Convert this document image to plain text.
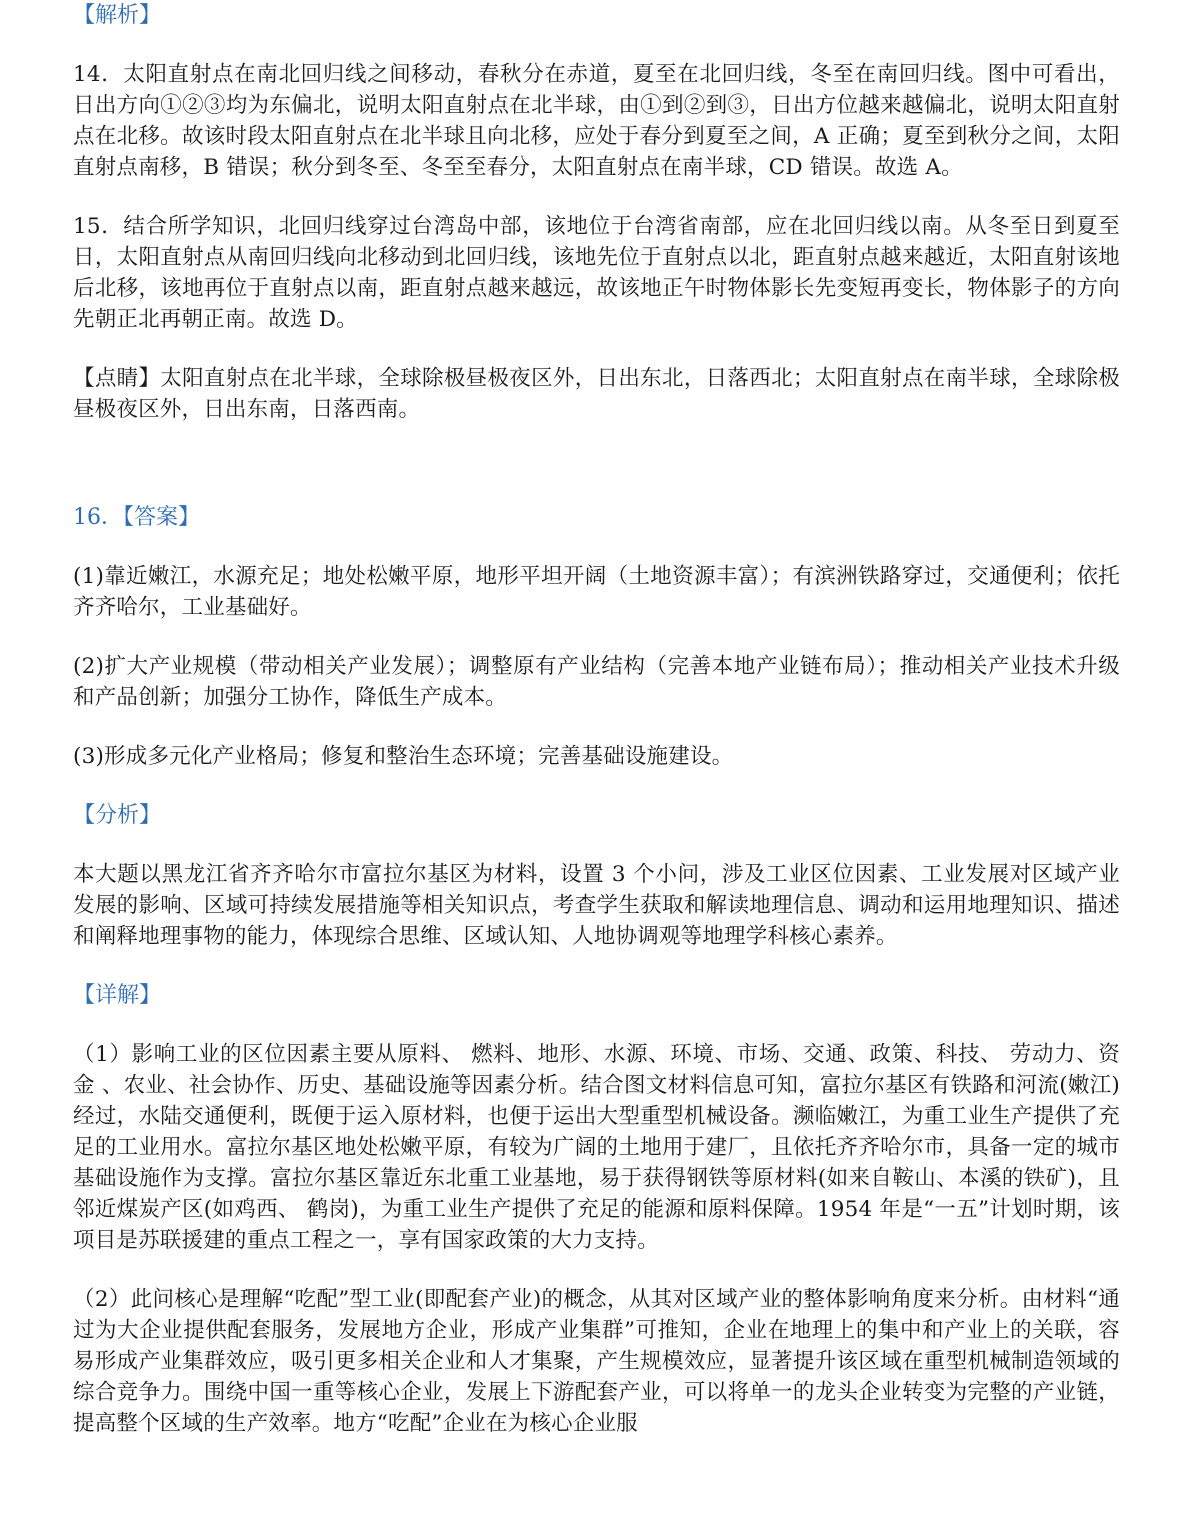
【解析】

14．太阳直射点在南北回归线之间移动，春秋分在赤道，夏至在北回归线，冬至在南回归线。图中可看出，日出方向①②③均为东偏北，说明太阳直射点在北半球，由①到②到③，日出方位越来越偏北，说明太阳直射点在北移。故该时段太阳直射点在北半球且向北移，应处于春分到夏至之间，A 正确；夏至到秋分之间，太阳直射点南移，B 错误；秋分到冬至、冬至至春分，太阳直射点在南半球，CD 错误。故选 A。

15．结合所学知识，北回归线穿过台湾岛中部，该地位于台湾省南部，应在北回归线以南。从冬至日到夏至日，太阳直射点从南回归线向北移动到北回归线，该地先位于直射点以北，距直射点越来越近，太阳直射该地后北移，该地再位于直射点以南，距直射点越来越远，故该地正午时物体影长先变短再变长，物体影子的方向先朝正北再朝正南。故选 D。

【点睛】太阳直射点在北半球，全球除极昼极夜区外，日出东北，日落西北；太阳直射点在南半球，全球除极昼极夜区外，日出东南，日落西南。

16．【答案】

(1)靠近嫩江，水源充足；地处松嫩平原，地形平坦开阔（土地资源丰富）；有滨洲铁路穿过，交通便利；依托齐齐哈尔，工业基础好。

(2)扩大产业规模（带动相关产业发展）；调整原有产业结构（完善本地产业链布局）；推动相关产业技术升级和产品创新；加强分工协作，降低生产成本。

(3)形成多元化产业格局；修复和整治生态环境；完善基础设施建设。

【分析】

本大题以黑龙江省齐齐哈尔市富拉尔基区为材料，设置 3 个小问，涉及工业区位因素、工业发展对区域产业发展的影响、区域可持续发展措施等相关知识点，考查学生获取和解读地理信息、调动和运用地理知识、描述和阐释地理事物的能力，体现综合思维、区域认知、人地协调观等地理学科核心素养。

【详解】

（1）影响工业的区位因素主要从原料、 燃料、地形、水源、环境、市场、交通、政策、科技、 劳动力、资金 、农业、社会协作、历史、基础设施等因素分析。结合图文材料信息可知，富拉尔基区有铁路和河流(嫩江)经过，水陆交通便利，既便于运入原材料，也便于运出大型重型机械设备。濒临嫩江，为重工业生产提供了充足的工业用水。富拉尔基区地处松嫩平原，有较为广阔的土地用于建厂，且依托齐齐哈尔市，具备一定的城市基础设施作为支撑。富拉尔基区靠近东北重工业基地，易于获得钢铁等原材料(如来自鞍山、本溪的铁矿)，且邻近煤炭产区(如鸡西、 鹤岗)，为重工业生产提供了充足的能源和原料保障。1954 年是“一五”计划时期，该项目是苏联援建的重点工程之一，享有国家政策的大力支持。

（2）此问核心是理解“吃配”型工业(即配套产业)的概念，从其对区域产业的整体影响角度来分析。由材料“通过为大企业提供配套服务，发展地方企业，形成产业集群”可推知，企业在地理上的集中和产业上的关联，容易形成产业集群效应，吸引更多相关企业和人才集聚，产生规模效应，显著提升该区域在重型机械制造领域的综合竞争力。围绕中国一重等核心企业，发展上下游配套产业，可以将单一的龙头企业转变为完整的产业链，提高整个区域的生产效率。地方“吃配”企业在为核心企业服
